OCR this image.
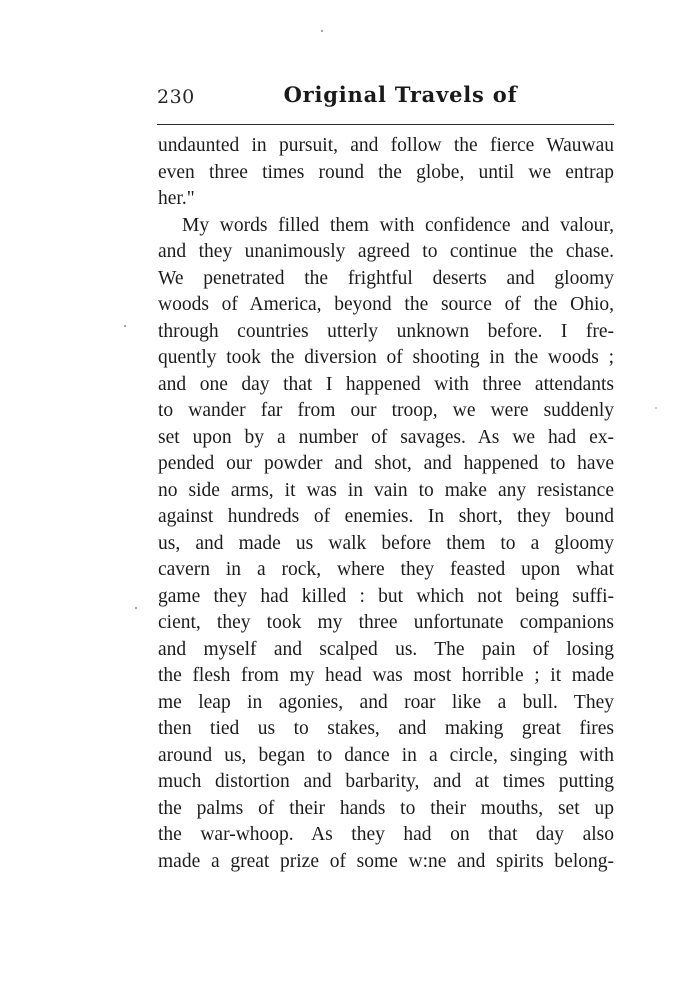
230	Original Travels of
undaunted in pursuit, and follow the fierce Wauwau
even three times round the globe, until we entrap
her."
My words filled them with confidence and valour,
and they unanimously agreed to continue the chase.
We penetrated the frightful deserts and gloomy
woods of America, beyond the source of the Ohio,
through countries utterly unknown before. I fre-
quently took the diversion of shooting in the woods ;
and one day that I happened with three attendants
to wander far from our troop, we were suddenly
set upon by a number of savages. As we had ex-
pended our powder and shot, and happened to have
no side arms, it was in vain to make any resistance
against hundreds of enemies. In short, they bound
us, and made us walk before them to a gloomy
cavern in a rock, where they feasted upon what
game they had killed : but which not being suffi-
cient, they took my three unfortunate companions
and myself and scalped us. The pain of losing
the flesh from my head was most horrible ; it made
me leap in agonies, and roar like a bull. They
then tied us to stakes, and making great fires
around us, began to dance in a circle, singing with
much distortion and barbarity, and at times putting
the palms of their hands to their mouths, set up
the war-whoop. As they had on that day also
made a great prize of some w:ne and spirits belong-
